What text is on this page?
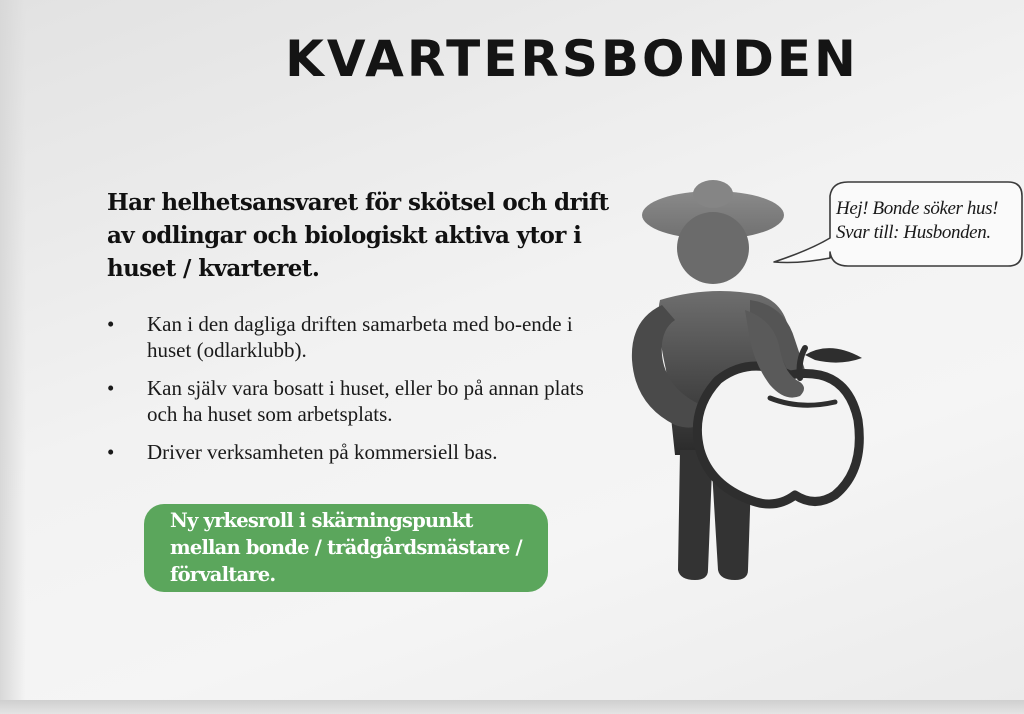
KVARTERSBONDEN
Har helhetsansvaret för skötsel och drift av odlingar och biologiskt aktiva ytor i huset / kvarteret.
• Kan i den dagliga driften samarbeta med bo-ende i huset (odlarklubb).
• Kan själv vara bosatt i huset, eller bo på annan plats och ha huset som arbetsplats.
• Driver verksamheten på kommersiell bas.
Ny yrkesroll i skärningspunkt
mellan bonde / trädgårdsmästare /
förvaltare.
Hej! Bonde söker hus!
Svar till: Husbonden.
